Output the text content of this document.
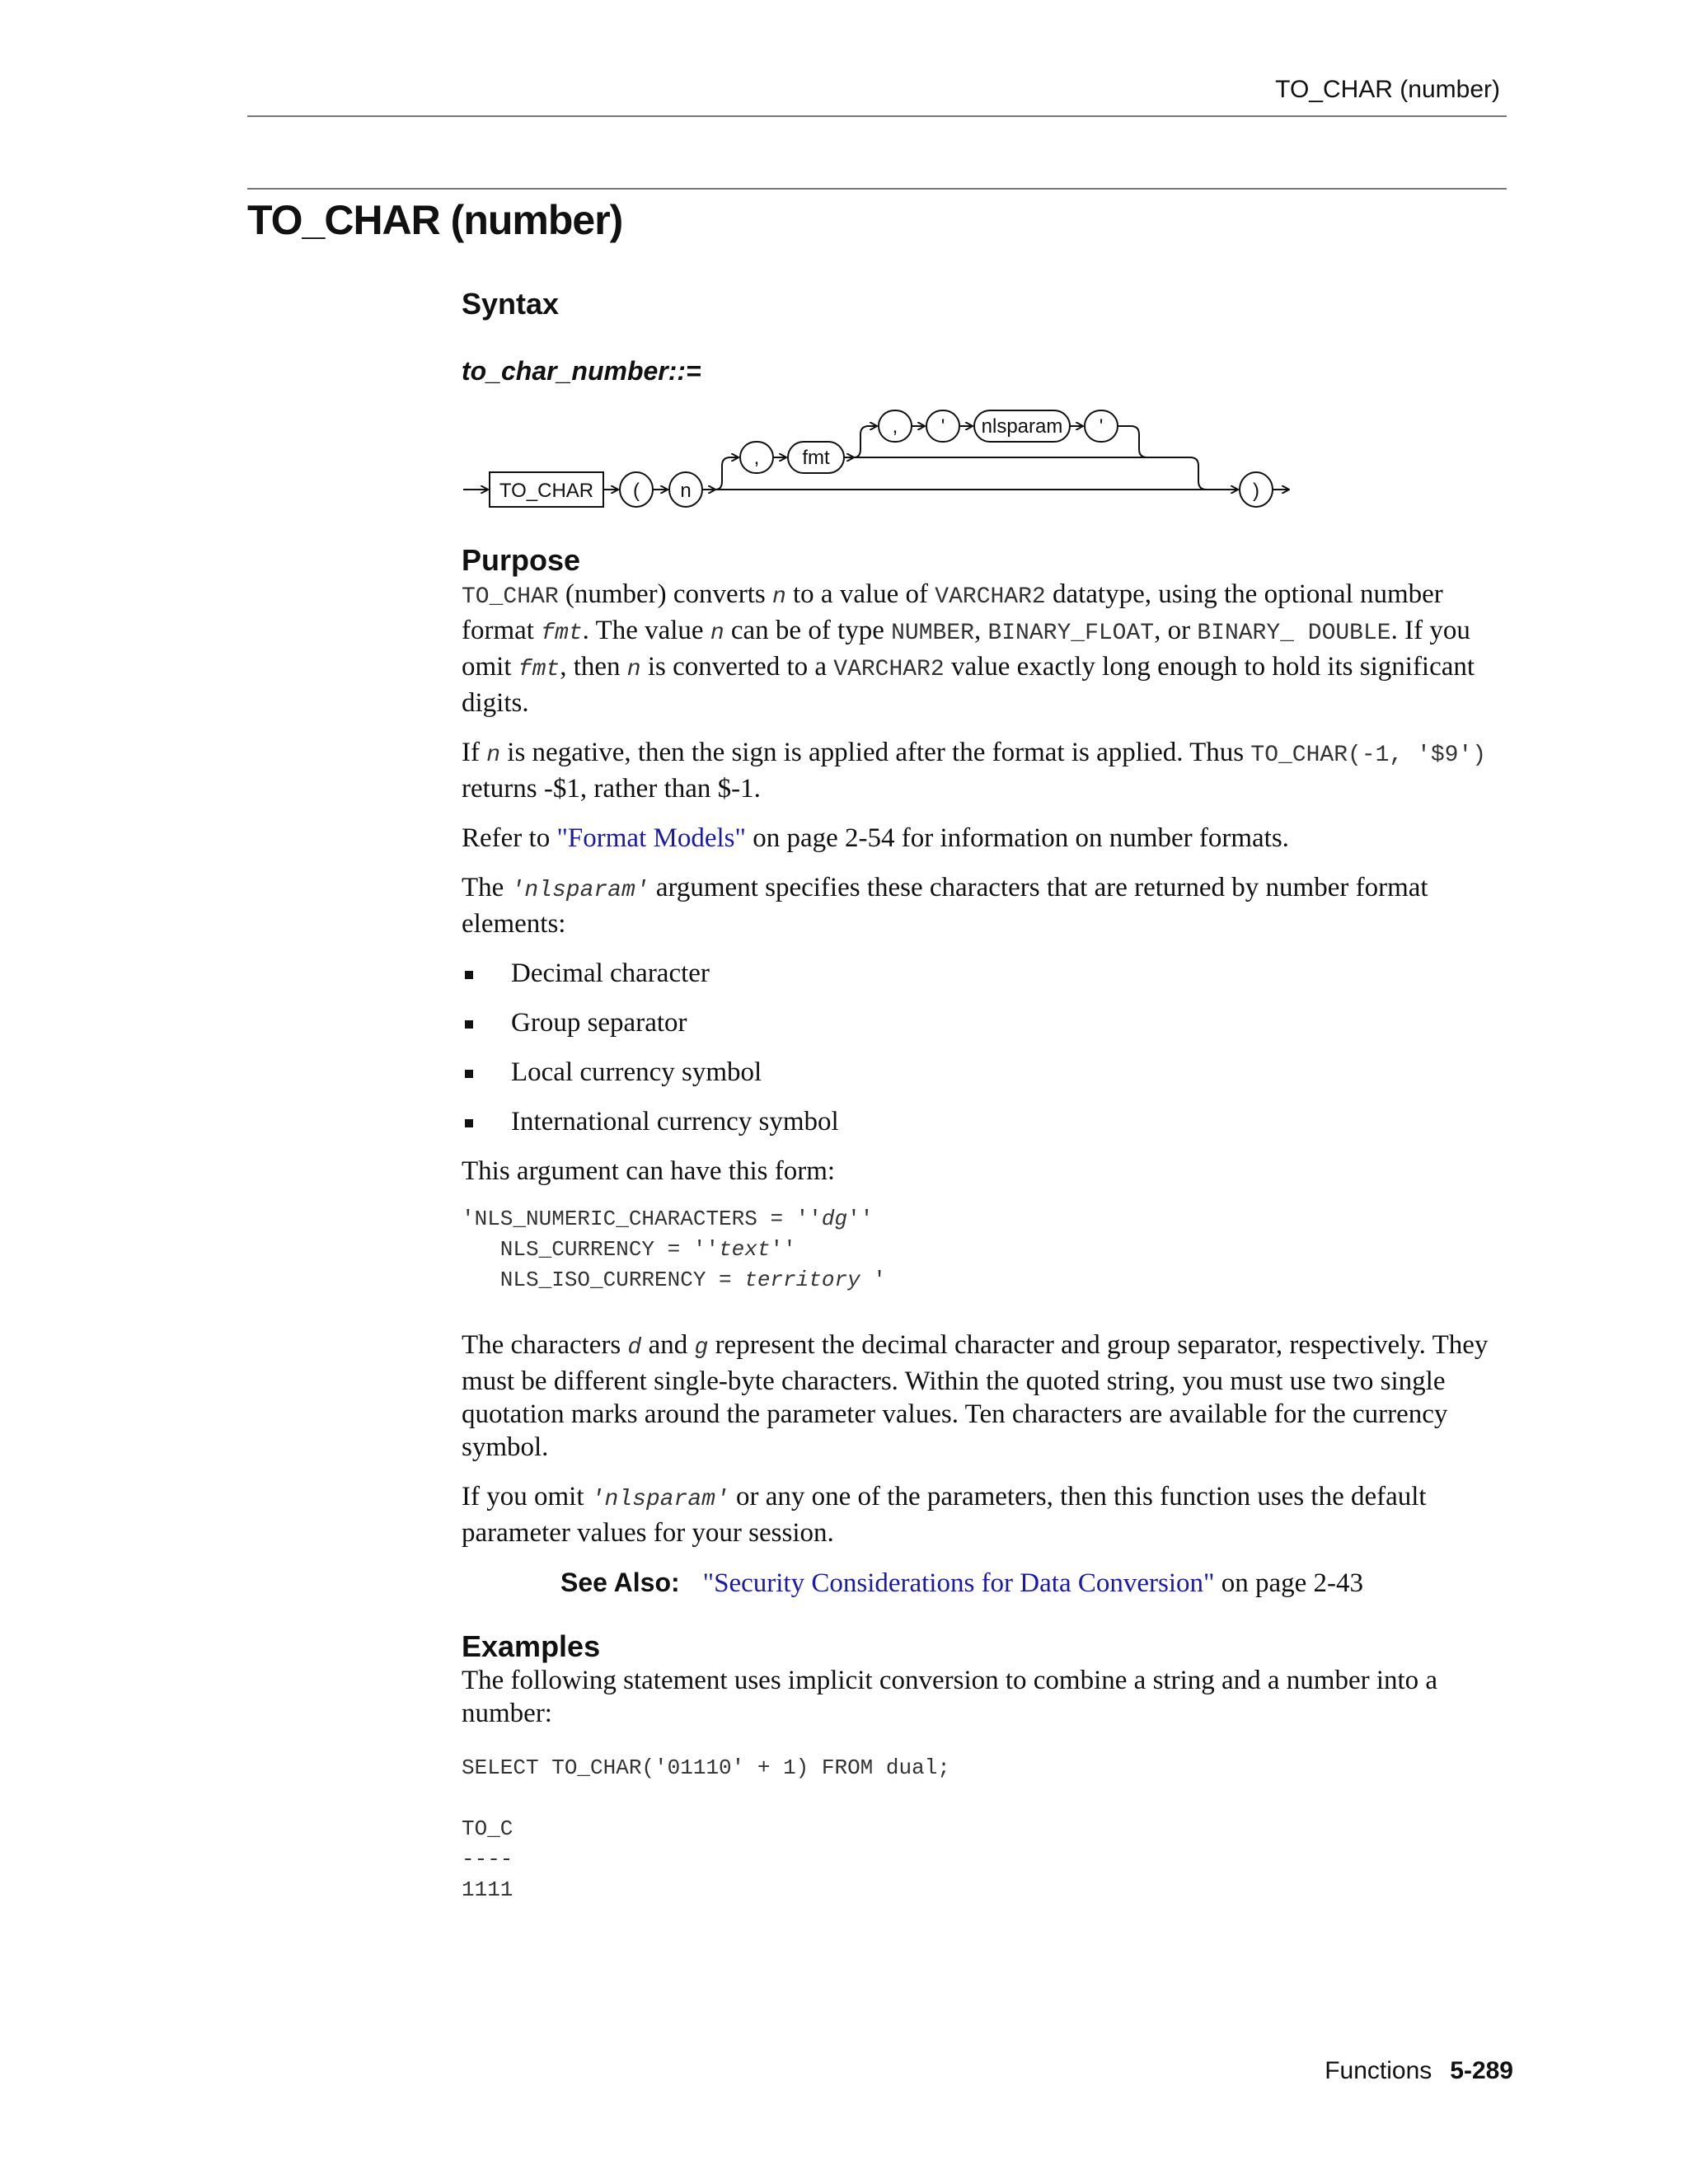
TO_CHAR (number)
TO_CHAR (number)
Syntax
to_char_number::=
TO_CHAR ( n
, fmt
, ' nlsparam '
)
Purpose

TO_CHAR (number) converts n to a value of VARCHAR2 datatype, using the optional number format fmt. The value n can be of type NUMBER, BINARY_FLOAT, or BINARY_ DOUBLE. If you omit fmt, then n is converted to a VARCHAR2 value exactly long enough to hold its significant digits.

If n is negative, then the sign is applied after the format is applied. Thus TO_CHAR(-1, '$9') returns -$1, rather than $-1.

Refer to "Format Models" on page 2-54 for information on number formats.

The 'nlsparam' argument specifies these characters that are returned by number format elements:

Decimal character
Group separator
Local currency symbol
International currency symbol

This argument can have this form:

'NLS_NUMERIC_CHARACTERS = ''dg''
NLS_CURRENCY = ''text''
NLS_ISO_CURRENCY = territory '

The characters d and g represent the decimal character and group separator, respectively. They must be different single-byte characters. Within the quoted string, you must use two single quotation marks around the parameter values. Ten characters are available for the currency symbol.

If you omit 'nlsparam' or any one of the parameters, then this function uses the default parameter values for your session.

See Also: "Security Considerations for Data Conversion" on page 2-43
Examples

The following statement uses implicit conversion to combine a string and a number into a number:

SELECT TO_CHAR('01110' + 1) FROM dual;

TO_C
----
1111
Functions 5-289
